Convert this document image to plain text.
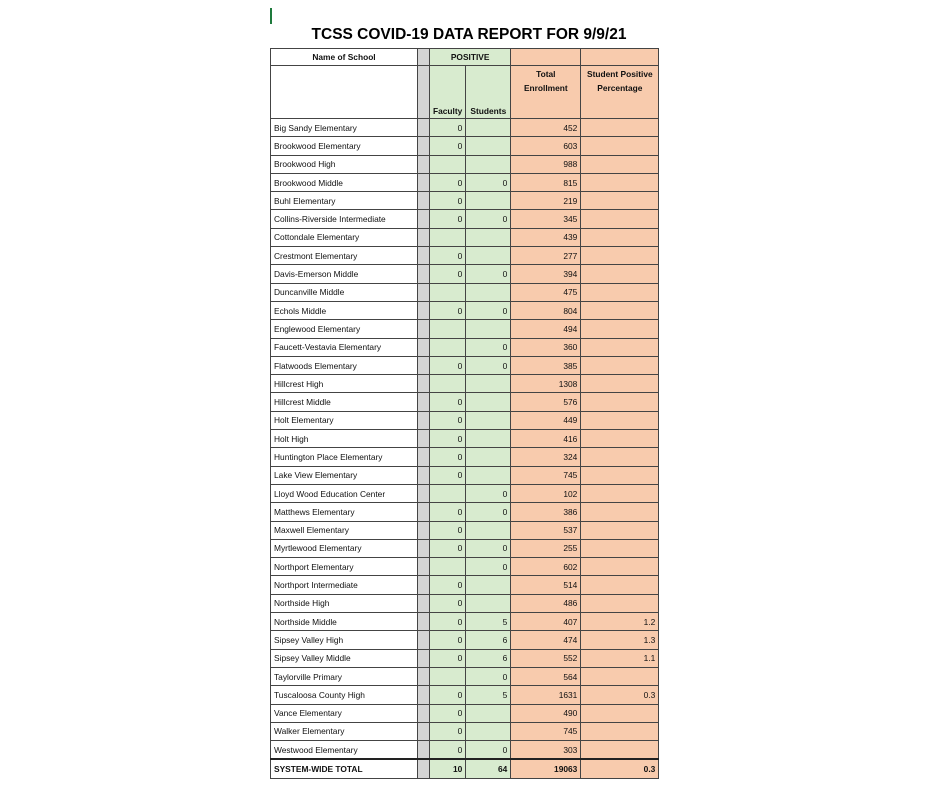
TCSS COVID-19 DATA REPORT FOR 9/9/21
Name of School		POSITIVE			
		Faculty	Students	Total Enrollment	Student Positive Percentage
Big Sandy Elementary		0		452	
Brookwood Elementary		0		603	
Brookwood High				988	
Brookwood Middle		0	0	815	
Buhl Elementary		0		219	
Collins-Riverside Intermediate		0	0	345	
Cottondale Elementary				439	
Crestmont Elementary		0		277	
Davis-Emerson Middle		0	0	394	
Duncanville Middle				475	
Echols Middle		0	0	804	
Englewood Elementary				494	
Faucett-Vestavia Elementary			0	360	
Flatwoods Elementary		0	0	385	
Hillcrest High				1308	
Hillcrest Middle		0		576	
Holt Elementary		0		449	
Holt High		0		416	
Huntington Place Elementary		0		324	
Lake View Elementary		0		745	
Lloyd Wood Education Center			0	102	
Matthews Elementary		0	0	386	
Maxwell Elementary		0		537	
Myrtlewood Elementary		0	0	255	
Northport Elementary			0	602	
Northport Intermediate		0		514	
Northside High		0		486	
Northside Middle		0	5	407	1.2
Sipsey Valley High		0	6	474	1.3
Sipsey Valley Middle		0	6	552	1.1
Taylorville Primary			0	564	
Tuscaloosa County High		0	5	1631	0.3
Vance Elementary		0		490	
Walker Elementary		0		745	
Westwood Elementary		0	0	303	
SYSTEM-WIDE TOTAL		10	64	19063	0.3
